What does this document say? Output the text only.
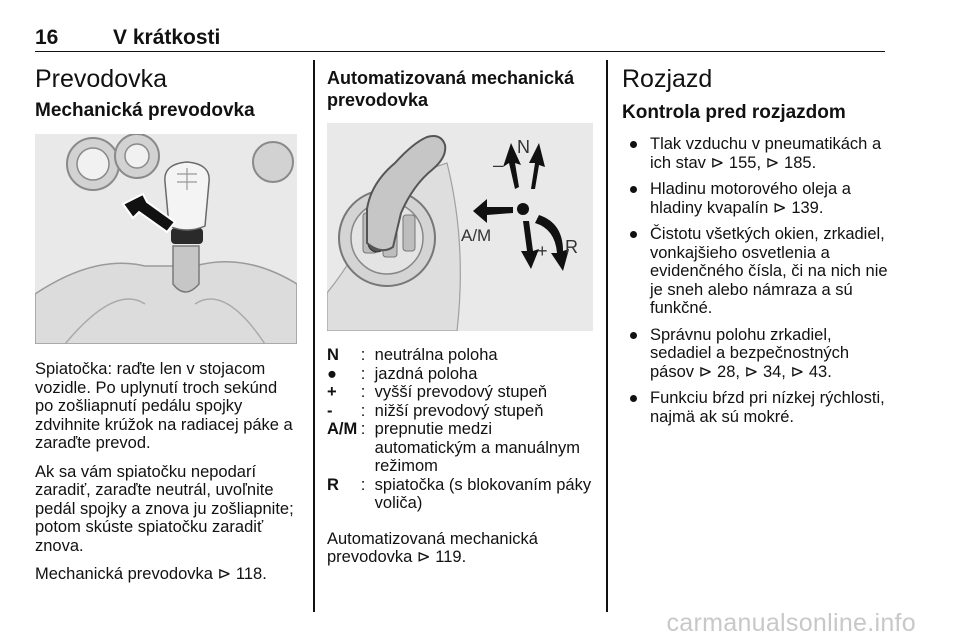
16	V krátkosti
Prevodovka
Mechanická prevodovka

Spiatočka: raďte len v stojacom vozidle. Po uplynutí troch sekúnd po zošliapnutí pedálu spojky zdvihnite krúžok na radiacej páke a zaraďte prevod.

Ak sa vám spiatočku nepodarí zaradiť, zaraďte neutrál, uvoľnite pedál spojky a znova ju zošliapnite; potom skúste spiatočku zaradiť znova.

Mechanická prevodovka ⊳ 118.

Automatizovaná mechanická prevodovka
N
–
A/M
+ R
N	: neutrálna poloha
●	: jazdná poloha
+	: vyšší prevodový stupeň
-	: nižší prevodový stupeň
A/M : prepnutie medzi automatickým a manuálnym režimom
R	: spiatočka (s blokovaním páky voliča)

Automatizovaná mechanická prevodovka ⊳ 119.

Rozjazd
Kontrola pred rozjazdom
Tlak vzduchu v pneumatikách a ich stav ⊳ 155, ⊳ 185.
Hladinu motorového oleja a hladiny kvapalín ⊳ 139.
Čistotu všetkých okien, zrkadiel, vonkajšieho osvetlenia a evidenčného čísla, či na nich nie je sneh alebo námraza a sú funkčné.
Správnu polohu zrkadiel, sedadiel a bezpečnostných pásov ⊳ 28, ⊳ 34, ⊳ 43.
Funkciu bŕzd pri nízkej rýchlosti, najmä ak sú mokré.
carmanualsonline.info
